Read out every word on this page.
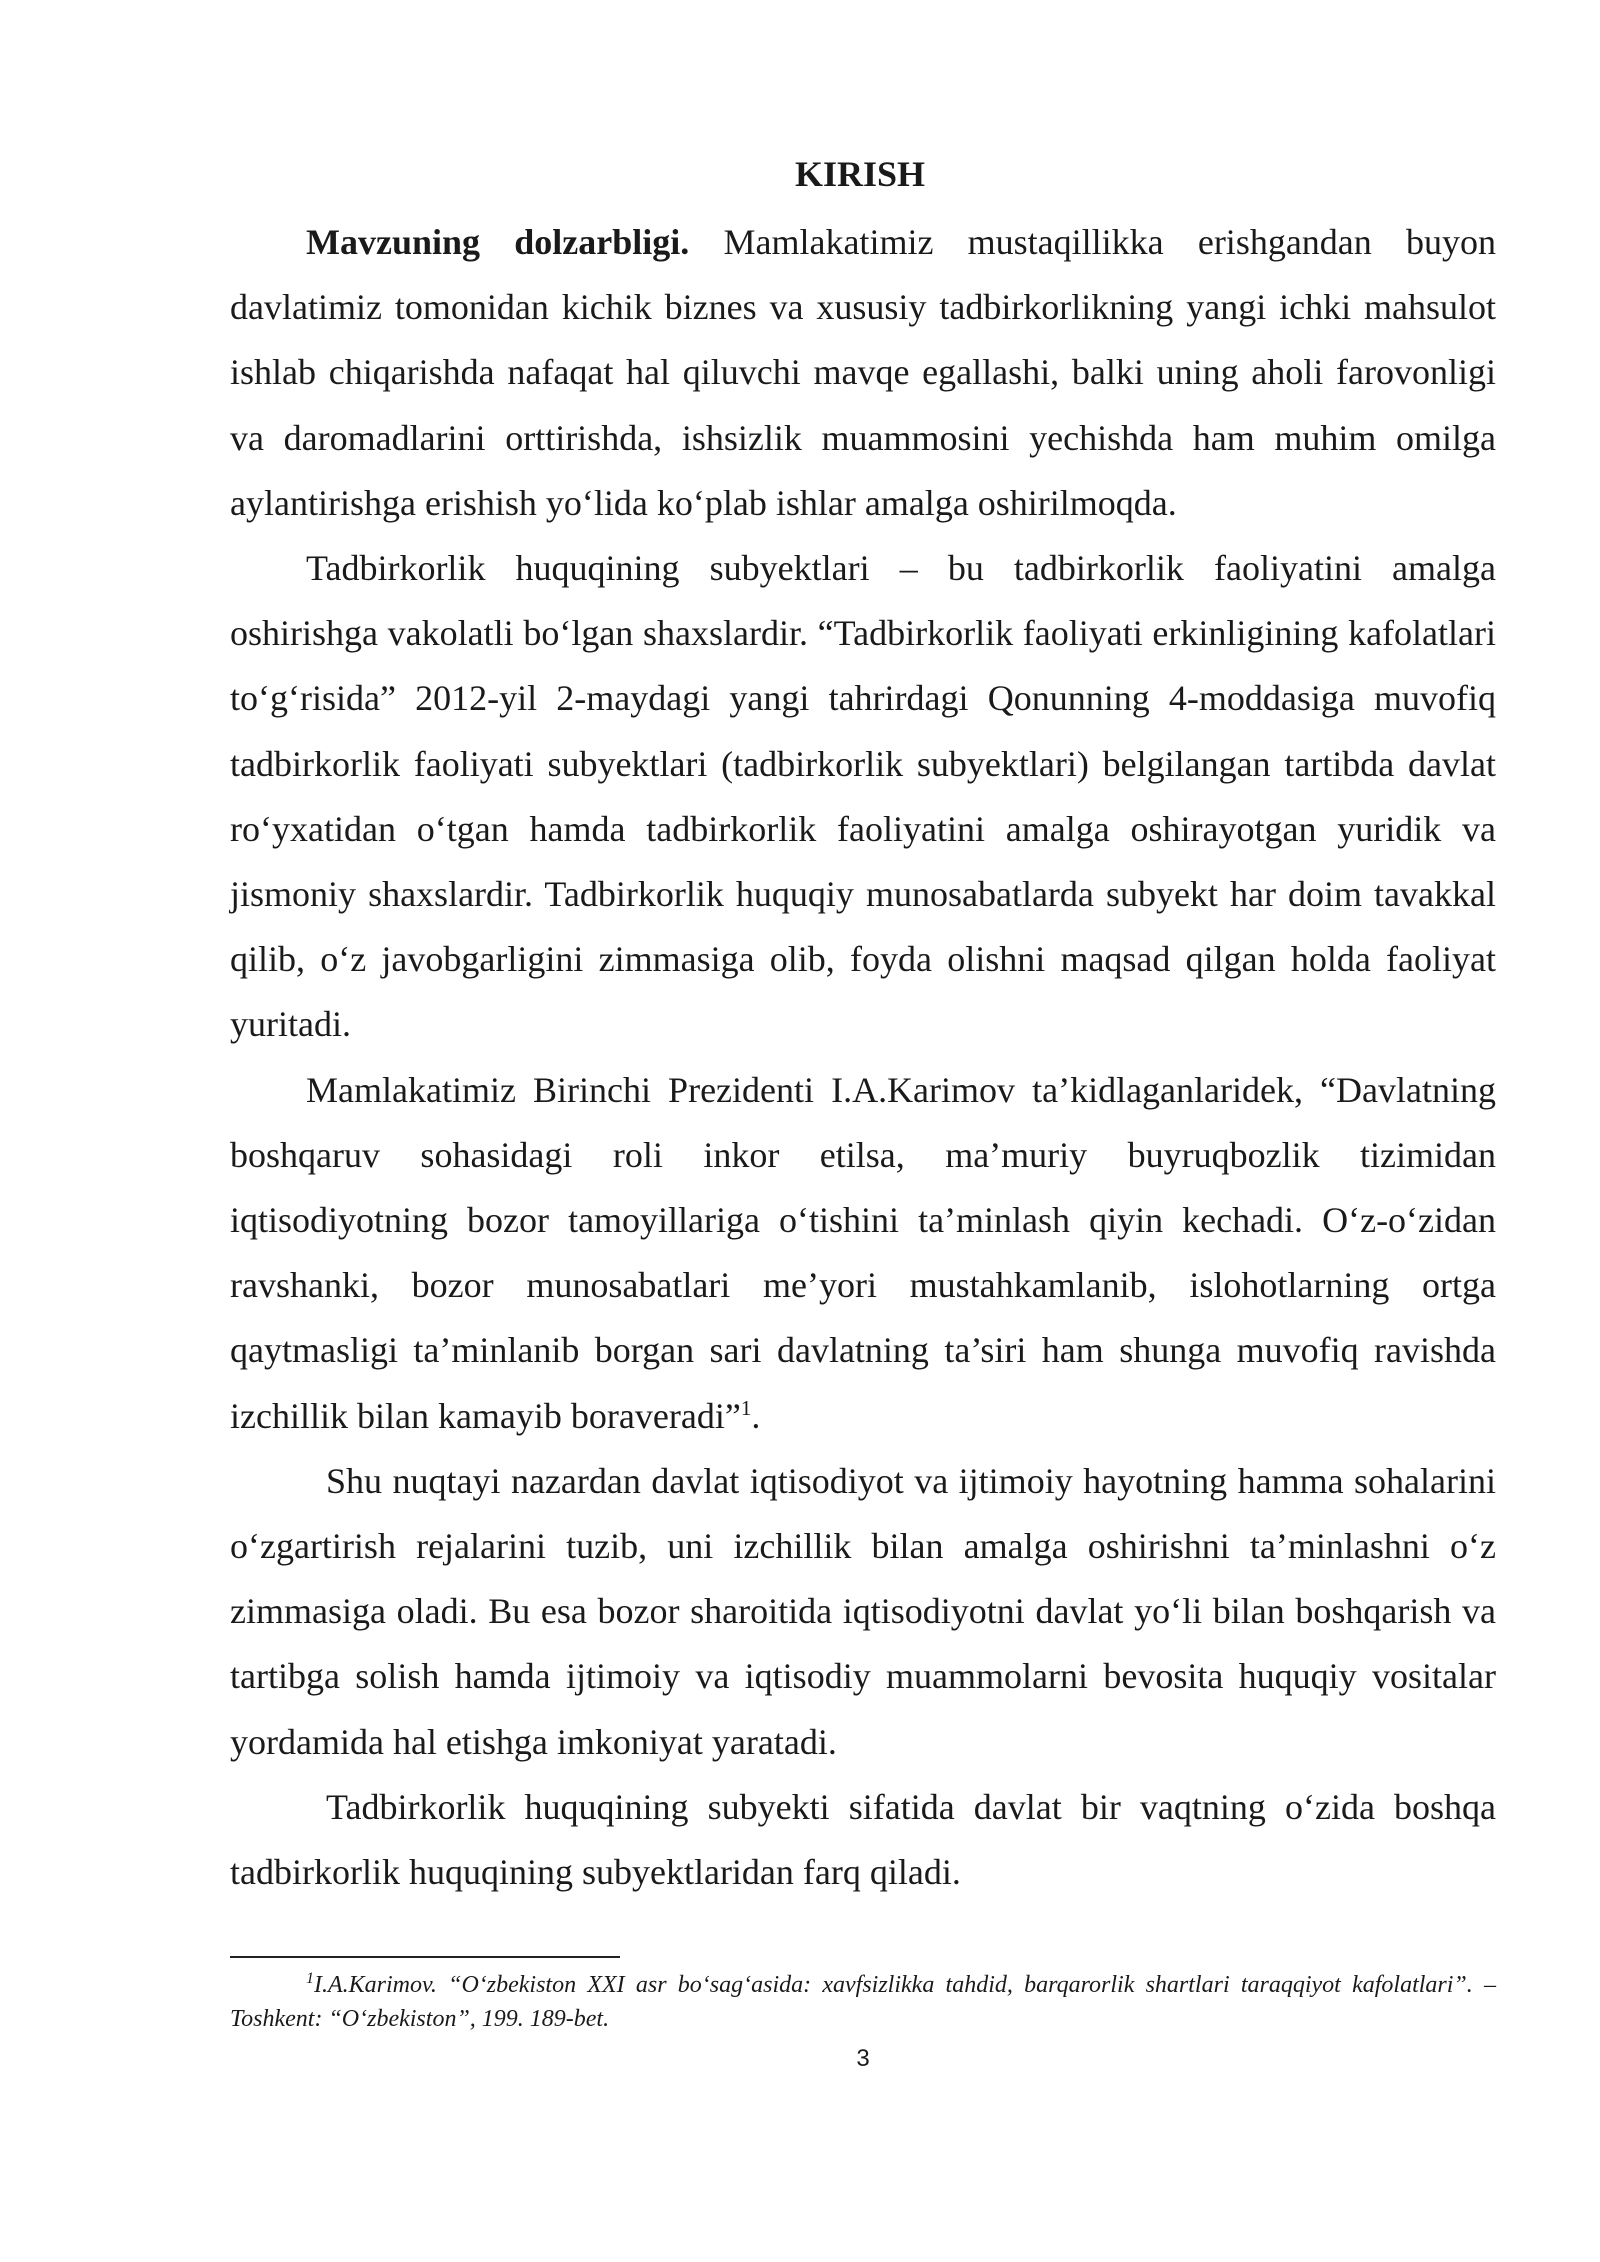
KIRISH

Mavzuning dolzarbligi. Mamlakatimiz mustaqillikka erishgandan buyon davlatimiz tomonidan kichik biznes va xususiy tadbirkorlikning yangi ichki mahsulot ishlab chiqarishda nafaqat hal qiluvchi mavqe egallashi, balki uning aholi farovonligi va daromadlarini orttirishda, ishsizlik muammosini yechishda ham muhim omilga aylantirishga erishish yoʻlida koʻplab ishlar amalga oshirilmoqda.

Tadbirkorlik huquqining subyektlari – bu tadbirkorlik faoliyatini amalga oshirishga vakolatli boʻlgan shaxslardir. “Tadbirkorlik faoliyati erkinligining kafolatlari toʻgʻrisida” 2012-yil 2-maydagi yangi tahrirdagi Qonunning 4-moddasiga muvofiq tadbirkorlik faoliyati subyektlari (tadbirkorlik subyektlari) belgilangan tartibda davlat roʻyxatidan oʻtgan hamda tadbirkorlik faoliyatini amalga oshirayotgan yuridik va jismoniy shaxslardir. Tadbirkorlik huquqiy munosabatlarda subyekt har doim tavakkal qilib, oʻz javobgarligini zimmasiga olib, foyda olishni maqsad qilgan holda faoliyat yuritadi.

Mamlakatimiz Birinchi Prezidenti I.A.Karimov ta’kidlaganlaridek, “Davlatning boshqaruv sohasidagi roli inkor etilsa, ma’muriy buyruqbozlik tizimidan iqtisodiyotning bozor tamoyillariga oʻtishini ta’minlash qiyin kechadi. Oʻz-oʻzidan ravshanki, bozor munosabatlari me’yori mustahkamlanib, islohotlarning ortga qaytmasligi ta’minlanib borgan sari davlatning ta’siri ham shunga muvofiq ravishda izchillik bilan kamayib boraveradi”$^1$.

Shu nuqtayi nazardan davlat iqtisodiyot va ijtimoiy hayotning hamma sohalarini oʻzgartirish rejalarini tuzib, uni izchillik bilan amalga oshirishni ta’minlashni oʻz zimmasiga oladi. Bu esa bozor sharoitida iqtisodiyotni davlat yoʻli bilan boshqarish va tartibga solish hamda ijtimoiy va iqtisodiy muammolarni bevosita huquqiy vositalar yordamida hal etishga imkoniyat yaratadi.

Tadbirkorlik huquqining subyekti sifatida davlat bir vaqtning oʻzida boshqa tadbirkorlik huquqining subyektlaridan farq qiladi.

$^1$I.A.Karimov. “Oʻzbekiston XXI asr boʻsagʻasida: xavfsizlikka tahdid, barqarorlik shartlari taraqqiyot kafolatlari”. – Toshkent: “Oʻzbekiston”, 199. 189-bet.

3
